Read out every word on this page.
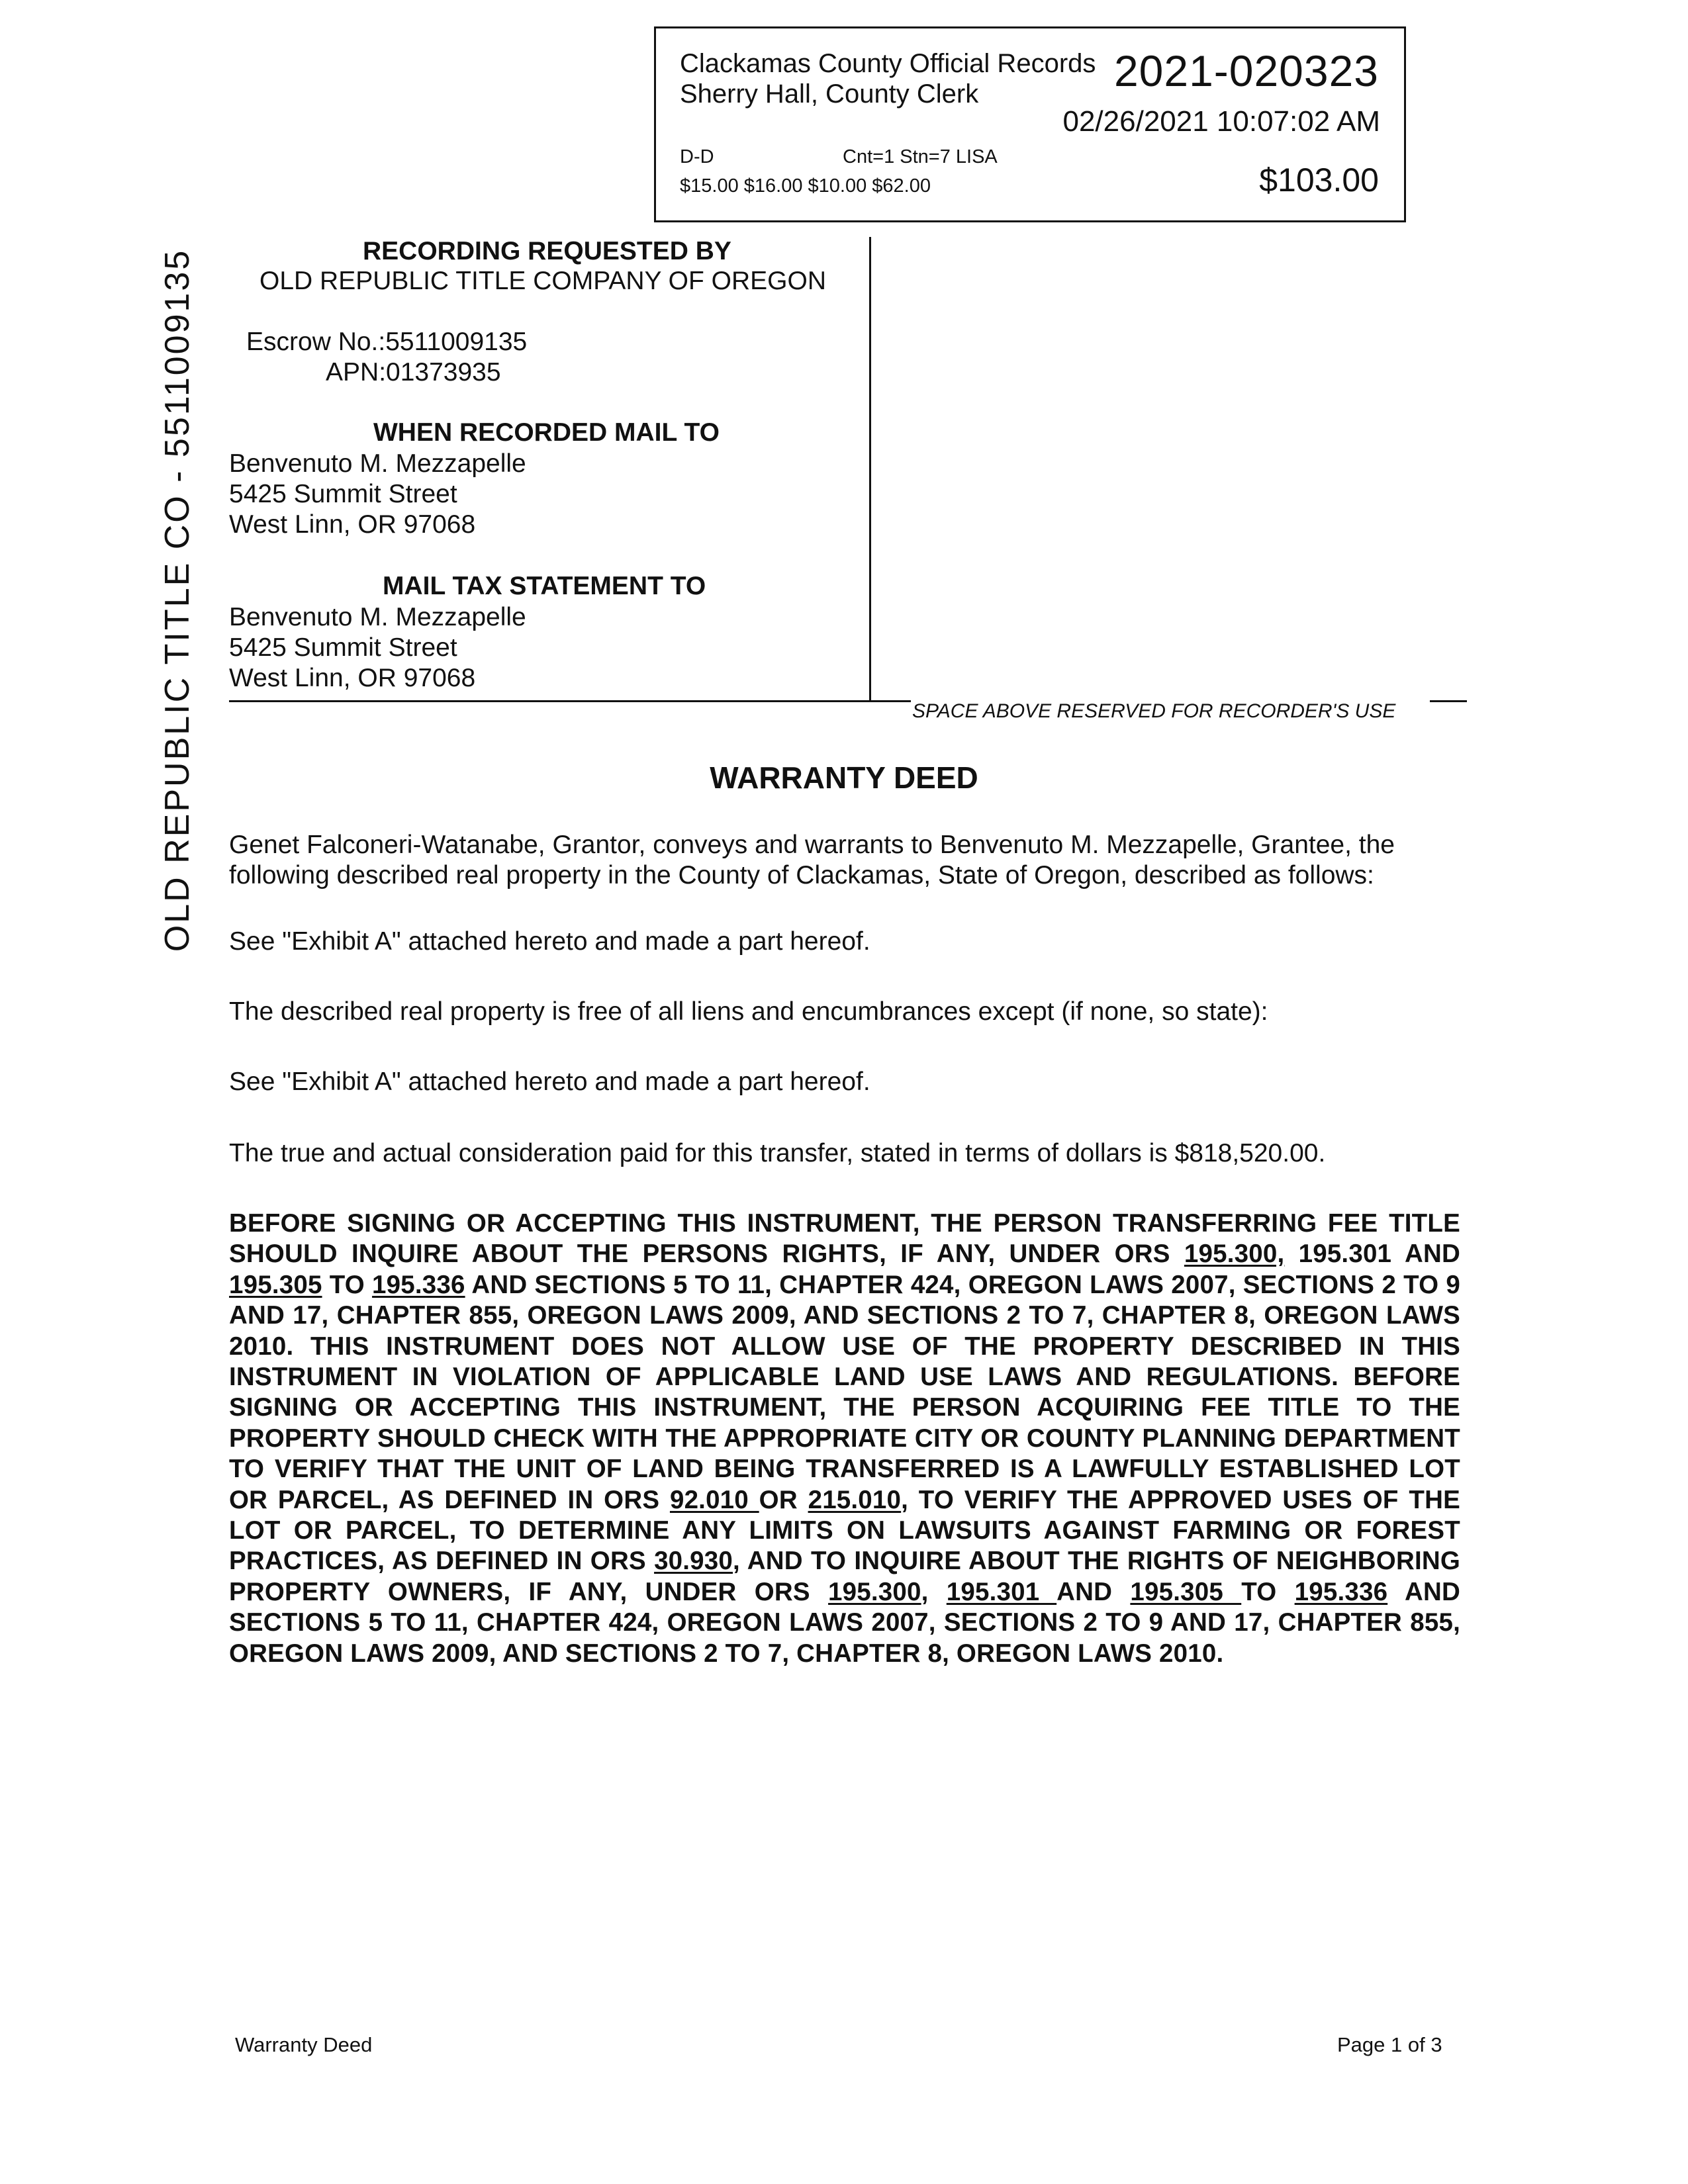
Clackamas County Official Records
Sherry Hall, County Clerk	2021-020323
02/26/2021 10:07:02 AM
D-D	Cnt=1 Stn=7 LISA
$15.00 $16.00 $10.00 $62.00	$103.00
OLD REPUBLIC TITLE CO - 5511009135	RECORDING REQUESTED BY
OLD REPUBLIC TITLE COMPANY OF OREGON
Escrow No.:5511009135
APN:01373935
WHEN RECORDED MAIL TO
Benvenuto M. Mezzapelle
5425 Summit Street
West Linn, OR 97068
MAIL TAX STATEMENT TO
Benvenuto M. Mezzapelle
5425 Summit Street
West Linn, OR 97068
SPACE ABOVE RESERVED FOR RECORDER'S USE
WARRANTY DEED
Genet Falconeri-Watanabe, Grantor, conveys and warrants to Benvenuto M. Mezzapelle, Grantee, the following described real property in the County of Clackamas, State of Oregon, described as follows:
See "Exhibit A" attached hereto and made a part hereof.
The described real property is free of all liens and encumbrances except (if none, so state):
See "Exhibit A" attached hereto and made a part hereof.
The true and actual consideration paid for this transfer, stated in terms of dollars is $818,520.00.
BEFORE SIGNING OR ACCEPTING THIS INSTRUMENT, THE PERSON TRANSFERRING FEE TITLE SHOULD INQUIRE ABOUT THE PERSONS RIGHTS, IF ANY, UNDER ORS 195.300, 195.301 AND 195.305 TO 195.336 AND SECTIONS 5 TO 11, CHAPTER 424, OREGON LAWS 2007, SECTIONS 2 TO 9 AND 17, CHAPTER 855, OREGON LAWS 2009, AND SECTIONS 2 TO 7, CHAPTER 8, OREGON LAWS 2010. THIS INSTRUMENT DOES NOT ALLOW USE OF THE PROPERTY DESCRIBED IN THIS INSTRUMENT IN VIOLATION OF APPLICABLE LAND USE LAWS AND REGULATIONS. BEFORE SIGNING OR ACCEPTING THIS INSTRUMENT, THE PERSON ACQUIRING FEE TITLE TO THE PROPERTY SHOULD CHECK WITH THE APPROPRIATE CITY OR COUNTY PLANNING DEPARTMENT TO VERIFY THAT THE UNIT OF LAND BEING TRANSFERRED IS A LAWFULLY ESTABLISHED LOT OR PARCEL, AS DEFINED IN ORS 92.010 OR 215.010, TO VERIFY THE APPROVED USES OF THE LOT OR PARCEL, TO DETERMINE ANY LIMITS ON LAWSUITS AGAINST FARMING OR FOREST PRACTICES, AS DEFINED IN ORS 30.930, AND TO INQUIRE ABOUT THE RIGHTS OF NEIGHBORING PROPERTY OWNERS, IF ANY, UNDER ORS 195.300, 195.301 AND 195.305 TO 195.336 AND SECTIONS 5 TO 11, CHAPTER 424, OREGON LAWS 2007, SECTIONS 2 TO 9 AND 17, CHAPTER 855, OREGON LAWS 2009, AND SECTIONS 2 TO 7, CHAPTER 8, OREGON LAWS 2010.
Warranty Deed	Page 1 of 3
